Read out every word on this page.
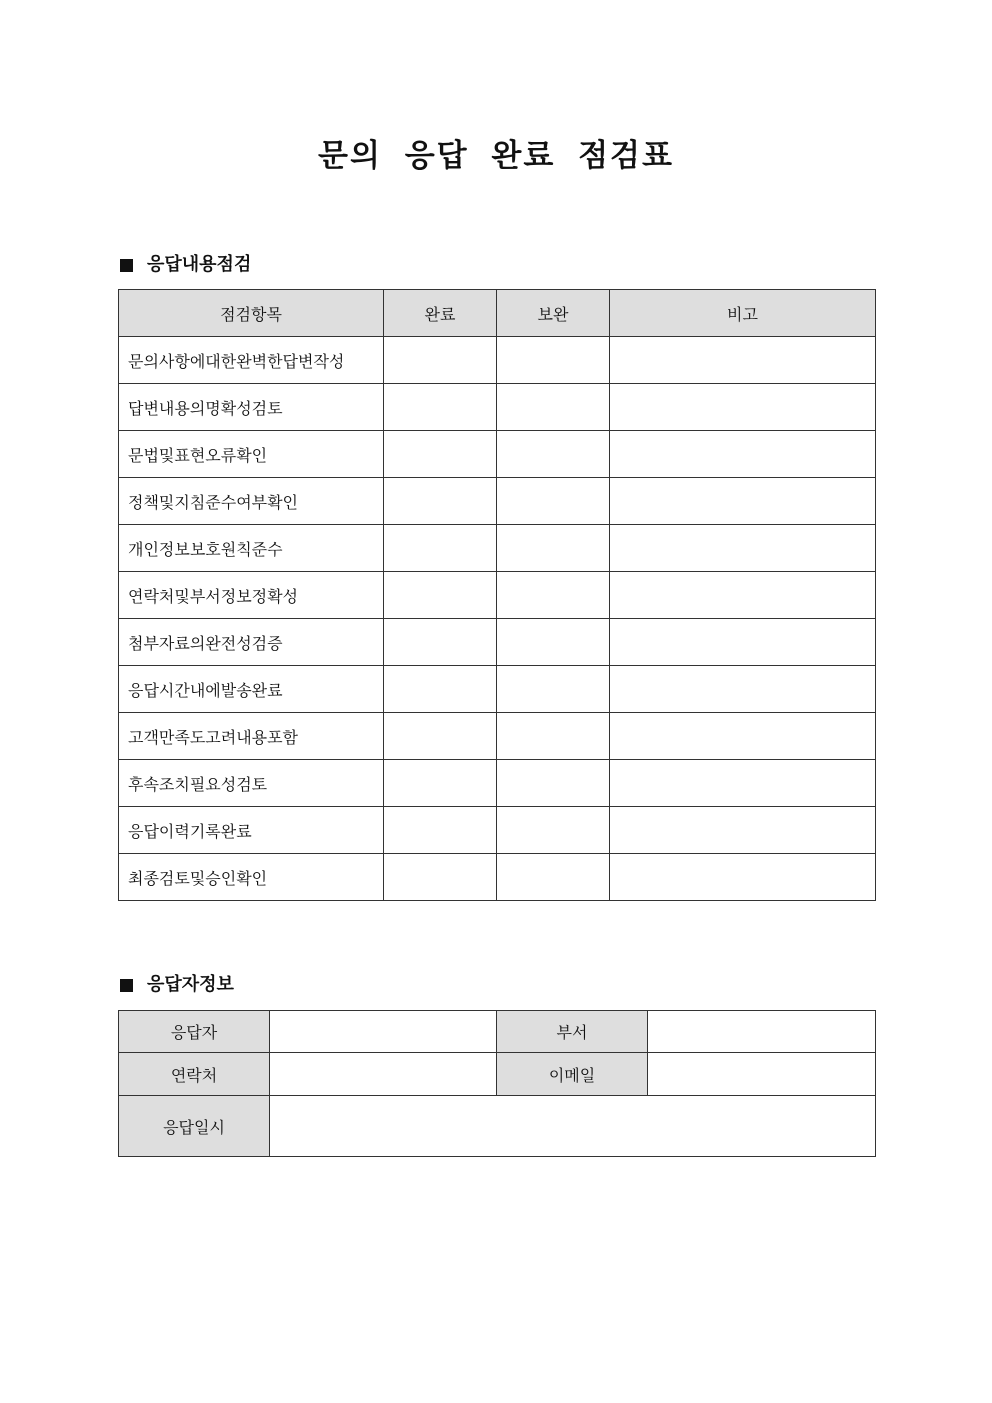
문의 응답 완료 점검표
응답내용점검
점검항목	완료	보완	비고
문의사항에대한완벽한답변작성			
답변내용의명확성검토			
문법및표현오류확인			
정책및지침준수여부확인			
개인정보보호원칙준수			
연락처및부서정보정확성			
첨부자료의완전성검증			
응답시간내에발송완료			
고객만족도고려내용포함			
후속조치필요성검토			
응답이력기록완료			
최종검토및승인확인			
응답자정보
응답자		부서	
연락처		이메일	
응답일시			
